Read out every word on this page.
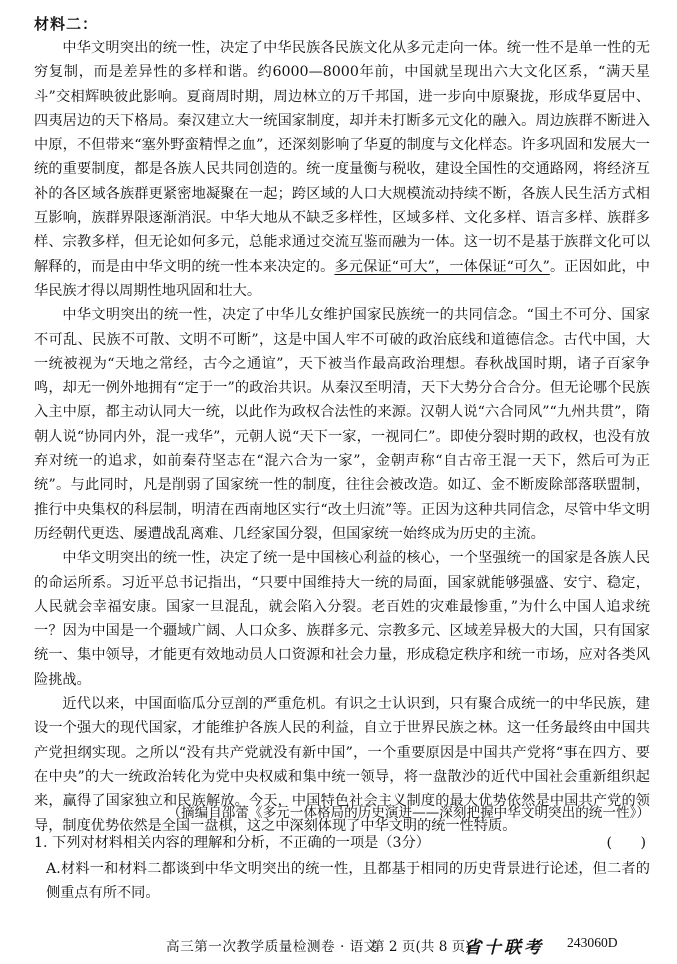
材料二：

中华文明突出的统一性，决定了中华民族各民族文化从多元走向一体。统一性不是单一性的无穷复制，而是差异性的多样和谐。约6000—8000年前，中国就呈现出六大文化区系，“满天星斗”交相辉映彼此影响。夏商周时期，周边林立的万千邦国，进一步向中原聚拢，形成华夏居中、四夷居边的天下格局。秦汉建立大一统国家制度，却并未打断多元文化的融入。周边族群不断进入中原，不但带来“塞外野蛮精悍之血”，还深刻影响了华夏的制度与文化样态。许多巩固和发展大一统的重要制度，都是各族人民共同创造的。统一度量衡与税收，建设全国性的交通路网，将经济互补的各区域各族群更紧密地凝聚在一起；跨区域的人口大规模流动持续不断，各族人民生活方式相互影响，族群界限逐渐消泯。中华大地从不缺乏多样性，区域多样、文化多样、语言多样、族群多样、宗教多样，但无论如何多元，总能求通过交流互鉴而融为一体。这一切不是基于族群文化可以解释的，而是由中华文明的统一性本来决定的。多元保证“可大”，一体保证“可久”。正因如此，中华民族才得以周期性地巩固和壮大。

中华文明突出的统一性，决定了中华儿女维护国家民族统一的共同信念。“国土不可分、国家不可乱、民族不可散、文明不可断”，这是中国人牢不可破的政治底线和道德信念。古代中国，大一统被视为“天地之常经，古今之通谊”，天下被当作最高政治理想。春秋战国时期，诸子百家争鸣，却无一例外地拥有“定于一”的政治共识。从秦汉至明清，天下大势分合合分。但无论哪个民族入主中原，都主动认同大一统，以此作为政权合法性的来源。汉朝人说“六合同风”“九州共贯”，隋朝人说“协同内外，混一戎华”，元朝人说“天下一家，一视同仁”。即使分裂时期的政权，也没有放弃对统一的追求，如前秦苻坚志在“混六合为一家”，金朝声称“自古帝王混一天下，然后可为正统”。与此同时，凡是削弱了国家统一性的制度，往往会被改造。如辽、金不断废除部落联盟制，推行中央集权的科层制，明清在西南地区实行“改土归流”等。正因为这种共同信念，尽管中华文明历经朝代更迭、屡遭战乱离难、几经家国分裂，但国家统一始终成为历史的主流。

中华文明突出的统一性，决定了统一是中国核心利益的核心，一个坚强统一的国家是各族人民的命运所系。习近平总书记指出，“只要中国维持大一统的局面，国家就能够强盛、安宁、稳定，人民就会幸福安康。国家一旦混乱，就会陷入分裂。老百姓的灾难最惨重，”为什么中国人追求统一？因为中国是一个疆域广阔、人口众多、族群多元、宗教多元、区域差异极大的大国，只有国家统一、集中领导，才能更有效地动员人口资源和社会力量，形成稳定秩序和统一市场，应对各类风险挑战。

近代以来，中国面临瓜分豆剖的严重危机。有识之士认识到，只有聚合成统一的中华民族，建设一个强大的现代国家，才能维护各族人民的利益，自立于世界民族之林。这一任务最终由中国共产党担纲实现。之所以“没有共产党就没有新中国”，一个重要原因是中国共产党将“事在四方、要在中央”的大一统政治转化为党中央权威和集中统一领导，将一盘散沙的近代中国社会重新组织起来，赢得了国家独立和民族解放。今天，中国特色社会主义制度的最大优势依然是中国共产党的领导，制度优势依然是全国一盘棋，这之中深刻体现了中华文明的统一性特质。

（摘编自邵蕾《多元一体格局的历史演进——深刻把握中华文明突出的统一性》）
1. 下列对材料相关内容的理解和分析，不正确的一项是（3分）	(　　)
A.材料一和材料二都谈到中华文明突出的统一性，且都基于相同的历史背景进行论述，但二者的侧重点有所不同。
高三第一次教学质量检测卷 · 语文
第 2 页(共 8 页)
省十联考 243060D
